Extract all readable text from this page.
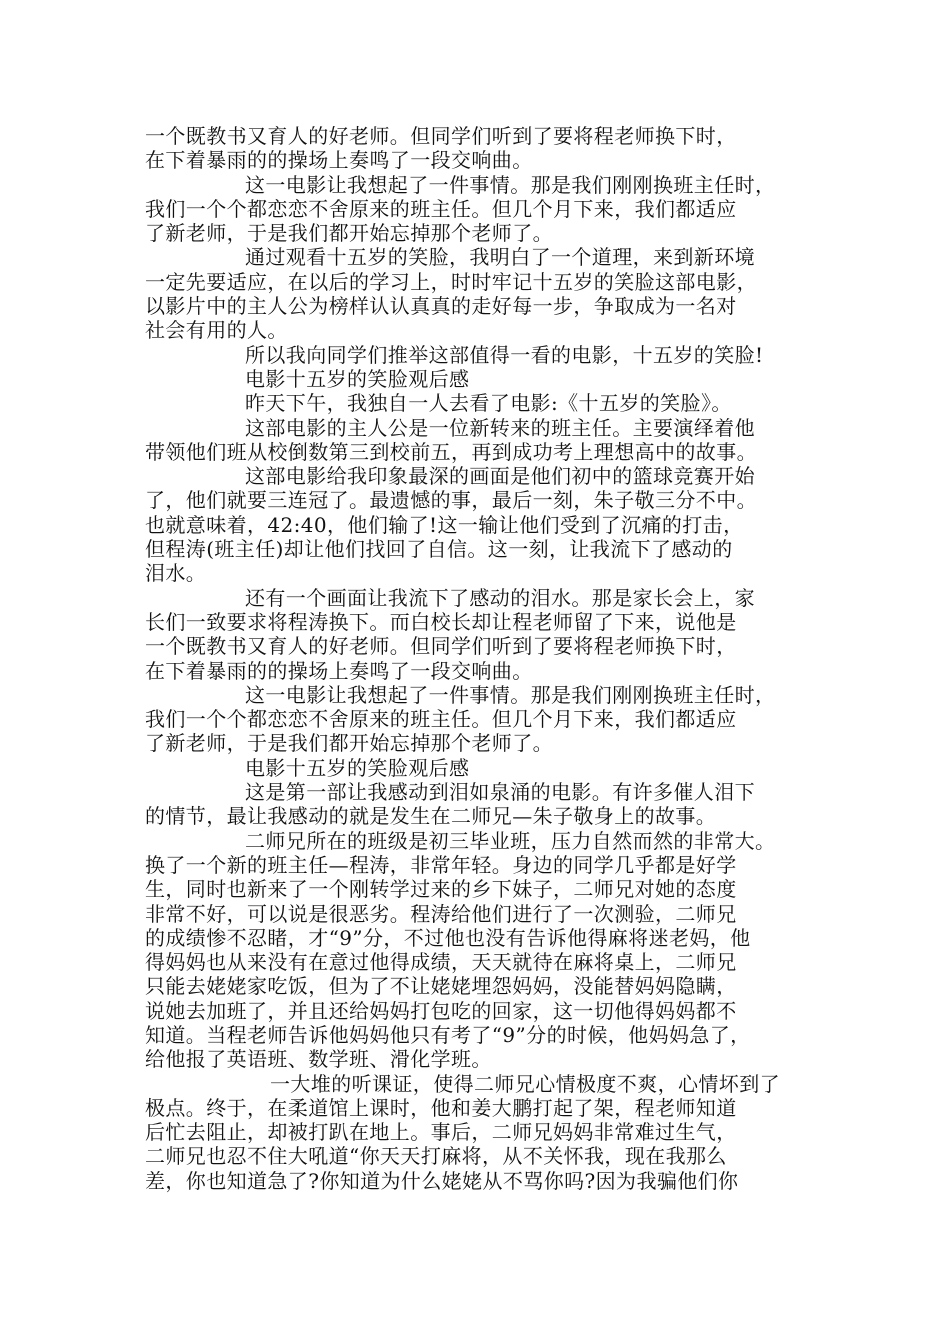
一个既教书又育人的好老师。但同学们听到了要将程老师换下时，
在下着暴雨的的操场上奏鸣了一段交响曲。
这一电影让我想起了一件事情。那是我们刚刚换班主任时，
我们一个个都恋恋不舍原来的班主任。但几个月下来，我们都适应
了新老师，于是我们都开始忘掉那个老师了。
通过观看十五岁的笑脸，我明白了一个道理，来到新环境
一定先要适应，在以后的学习上，时时牢记十五岁的笑脸这部电影，
以影片中的主人公为榜样认认真真的走好每一步，争取成为一名对
社会有用的人。
所以我向同学们推举这部值得一看的电影，十五岁的笑脸!
电影十五岁的笑脸观后感
昨天下午，我独自一人去看了电影:《十五岁的笑脸》。
这部电影的主人公是一位新转来的班主任。主要演绎着他
带领他们班从校倒数第三到校前五，再到成功考上理想高中的故事。
这部电影给我印象最深的画面是他们初中的篮球竞赛开始
了，他们就要三连冠了。最遗憾的事，最后一刻，朱子敬三分不中。
也就意味着，42:40，他们输了!这一输让他们受到了沉痛的打击，
但程涛(班主任)却让他们找回了自信。这一刻，让我流下了感动的
泪水。
还有一个画面让我流下了感动的泪水。那是家长会上，家
长们一致要求将程涛换下。而白校长却让程老师留了下来，说他是
一个既教书又育人的好老师。但同学们听到了要将程老师换下时，
在下着暴雨的的操场上奏鸣了一段交响曲。
这一电影让我想起了一件事情。那是我们刚刚换班主任时，
我们一个个都恋恋不舍原来的班主任。但几个月下来，我们都适应
了新老师，于是我们都开始忘掉那个老师了。
电影十五岁的笑脸观后感
这是第一部让我感动到泪如泉涌的电影。有许多催人泪下
的情节，最让我感动的就是发生在二师兄—朱子敬身上的故事。
二师兄所在的班级是初三毕业班，压力自然而然的非常大。
换了一个新的班主任—程涛，非常年轻。身边的同学几乎都是好学
生，同时也新来了一个刚转学过来的乡下妹子，二师兄对她的态度
非常不好，可以说是很恶劣。程涛给他们进行了一次测验，二师兄
的成绩惨不忍睹，才“9”分，不过他也没有告诉他得麻将迷老妈，他
得妈妈也从来没有在意过他得成绩，天天就待在麻将桌上，二师兄
只能去姥姥家吃饭，但为了不让姥姥埋怨妈妈，没能替妈妈隐瞒，
说她去加班了，并且还给妈妈打包吃的回家，这一切他得妈妈都不
知道。当程老师告诉他妈妈他只有考了“9”分的时候，他妈妈急了，
给他报了英语班、数学班、滑化学班。
一大堆的听课证，使得二师兄心情极度不爽，心情坏到了
极点。终于，在柔道馆上课时，他和姜大鹏打起了架，程老师知道
后忙去阻止，却被打趴在地上。事后，二师兄妈妈非常难过生气，
二师兄也忍不住大吼道“你天天打麻将，从不关怀我，现在我那么
差，你也知道急了?你知道为什么姥姥从不骂你吗?因为我骗他们你
